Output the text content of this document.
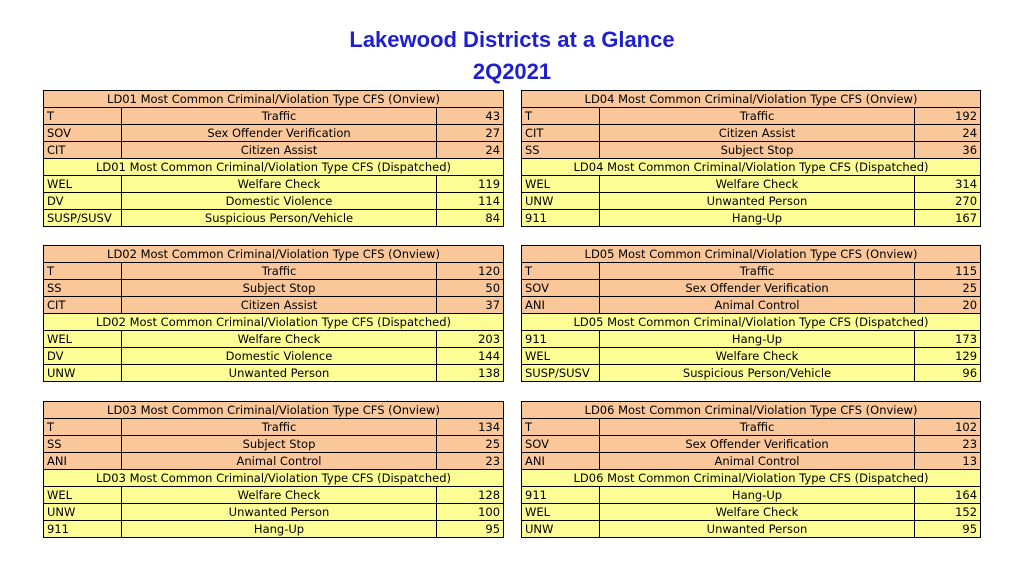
Lakewood Districts at a Glance
2Q2021
LD01 Most Common Criminal/Violation Type CFS (Onview)		
T	Traffic	43
SOV	Sex Offender Verification	27
CIT	Citizen Assist	24
LD01 Most Common Criminal/Violation Type CFS (Dispatched)		
WEL	Welfare Check	119
DV	Domestic Violence	114
SUSP/SUSV	Suspicious Person/Vehicle	84
LD02 Most Common Criminal/Violation Type CFS (Onview)		
T	Traffic	120
SS	Subject Stop	50
CIT	Citizen Assist	37
LD02 Most Common Criminal/Violation Type CFS (Dispatched)		
WEL	Welfare Check	203
DV	Domestic Violence	144
UNW	Unwanted Person	138
LD03 Most Common Criminal/Violation Type CFS (Onview)		
T	Traffic	134
SS	Subject Stop	25
ANI	Animal Control	23
LD03 Most Common Criminal/Violation Type CFS (Dispatched)		
WEL	Welfare Check	128
UNW	Unwanted Person	100
911	Hang-Up	95
LD04 Most Common Criminal/Violation Type CFS (Onview)		
T	Traffic	192
CIT	Citizen Assist	24
SS	Subject Stop	36
LD04 Most Common Criminal/Violation Type CFS (Dispatched)		
WEL	Welfare Check	314
UNW	Unwanted Person	270
911	Hang-Up	167
LD05 Most Common Criminal/Violation Type CFS (Onview)		
T	Traffic	115
SOV	Sex Offender Verification	25
ANI	Animal Control	20
LD05 Most Common Criminal/Violation Type CFS (Dispatched)		
911	Hang-Up	173
WEL	Welfare Check	129
SUSP/SUSV	Suspicious Person/Vehicle	96
LD06 Most Common Criminal/Violation Type CFS (Onview)		
T	Traffic	102
SOV	Sex Offender Verification	23
ANI	Animal Control	13
LD06 Most Common Criminal/Violation Type CFS (Dispatched)		
911	Hang-Up	164
WEL	Welfare Check	152
UNW	Unwanted Person	95
